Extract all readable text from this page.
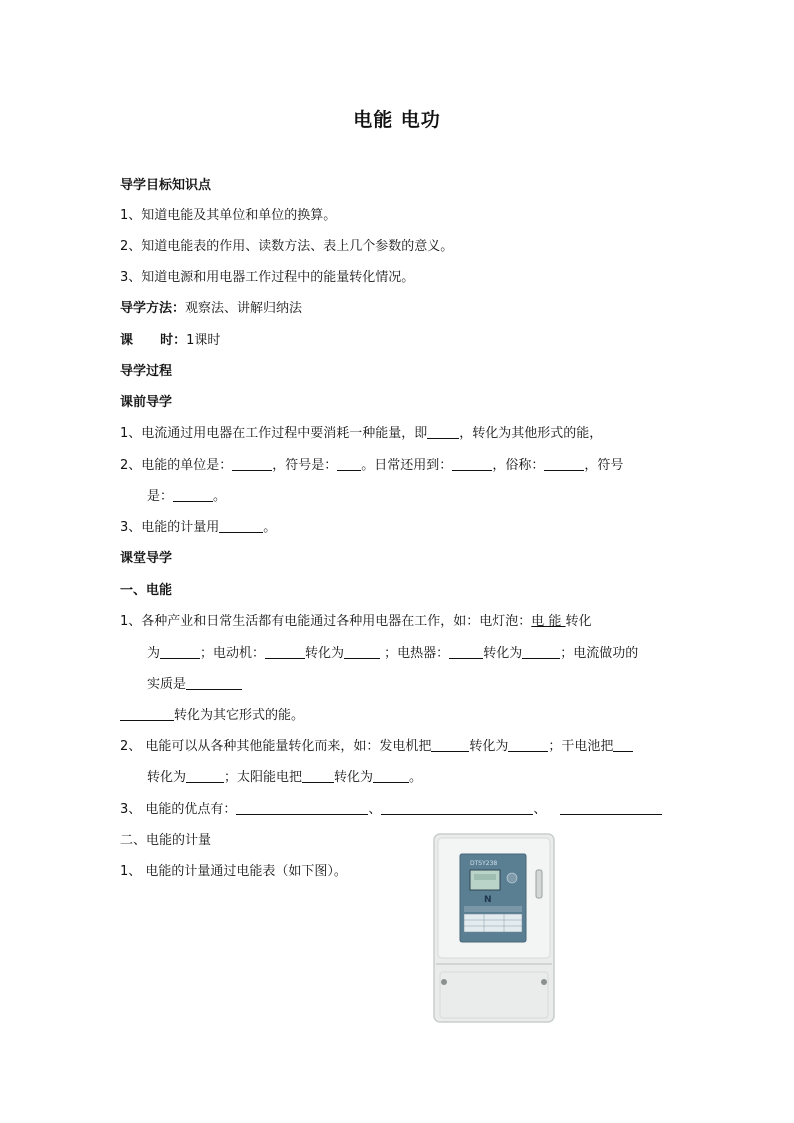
电能 电功
导学目标知识点
1、知道电能及其单位和单位的换算。
2、知道电能表的作用、读数方法、表上几个参数的意义。
3、知道电源和用电器工作过程中的能量转化情况。
导学方法：观察法、讲解归纳法
课      时：1课时
导学过程
课前导学
1、电流通过用电器在工作过程中要消耗一种能量，即 ，转化为其他形式的能，
2、电能的单位是：	，符号是： 。日常还用到：	，俗称：	，符号
是：	。
3、电能的计量用	。
课堂导学
一、电能
1、各种产业和日常生活都有电能通过各种用电器在工作，如：电灯泡：电 能 转化
为	；电动机：	转化为	；电热器：	转化为	；电流做功的
实质是
转化为其它形式的能。
2、 电能可以从各种其他能量转化而来，如：发电机把	转化为	；干电池把
转化为	；太阳能电把 转化为	。
3、 电能的优点有：	、	、
二、电能的计量
1、 电能的计量通过电能表（如下图）。
DTSY238
N
